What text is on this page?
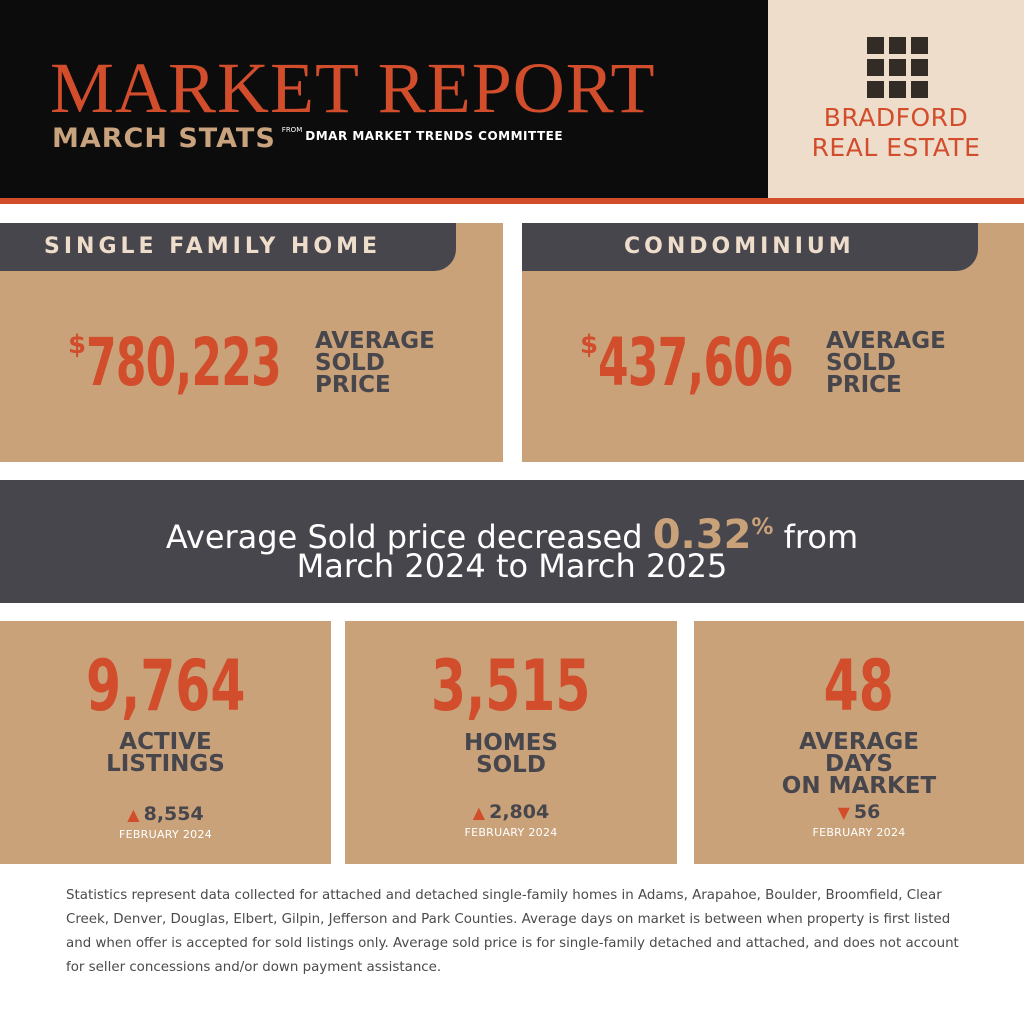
MARKET REPORT
MARCH STATS FROM DMAR MARKET TRENDS COMMITTEE
BRADFORD
REAL ESTATE
SINGLE FAMILY HOME
$ 780,223 AVERAGE
SOLD
PRICE
CONDOMINIUM
$ 437,606 AVERAGE
SOLD
PRICE
Average Sold price decreased 0.32% from
March 2024 to March 2025
9,764
ACTIVE
LISTINGS
▲ 8,554
FEBRUARY 2024
3,515
HOMES
SOLD
▲ 2,804
FEBRUARY 2024
48
AVERAGE
DAYS
ON MARKET
▼ 56
FEBRUARY 2024
Statistics represent data collected for attached and detached single-family homes in Adams, Arapahoe, Boulder, Broomfield, Clear Creek, Denver, Douglas, Elbert, Gilpin, Jefferson and Park Counties. Average days on market is between when property is first listed and when offer is accepted for sold listings only. Average sold price is for single-family detached and attached, and does not account for seller concessions and/or down payment assistance.
